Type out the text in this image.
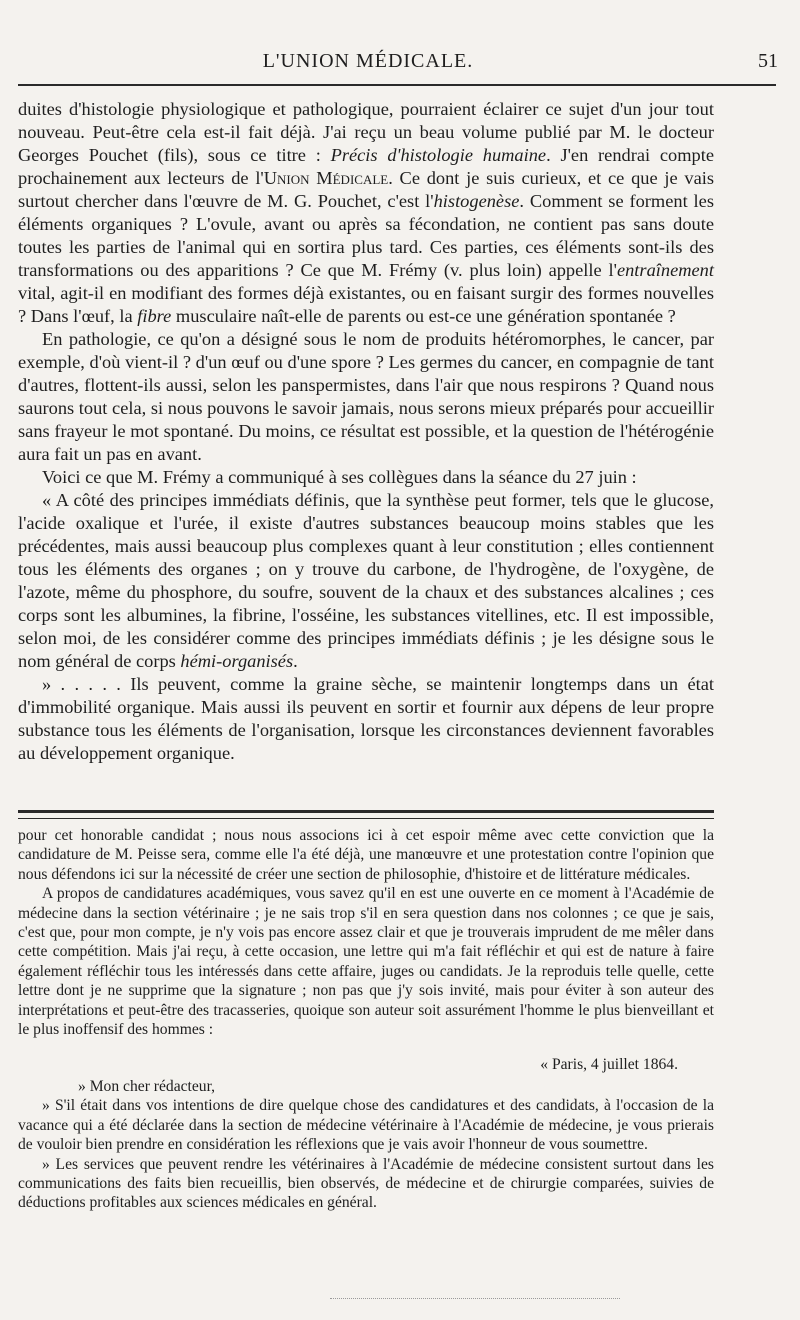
L'UNION MÉDICALE.	51

duites d'histologie physiologique et pathologique, pourraient éclairer ce sujet d'un jour tout nouveau. Peut-être cela est-il fait déjà. J'ai reçu un beau volume publié par M. le docteur Georges Pouchet (fils), sous ce titre : Précis d'histologie humaine. J'en rendrai compte prochainement aux lecteurs de l'Union Médicale. Ce dont je suis curieux, et ce que je vais surtout chercher dans l'œuvre de M. G. Pouchet, c'est l'histogenèse. Comment se forment les éléments organiques ? L'ovule, avant ou après sa fécondation, ne contient pas sans doute toutes les parties de l'animal qui en sortira plus tard. Ces parties, ces éléments sont-ils des transformations ou des apparitions ? Ce que M. Frémy (v. plus loin) appelle l'entraînement vital, agit-il en modifiant des formes déjà existantes, ou en faisant surgir des formes nouvelles ? Dans l'œuf, la fibre musculaire naît-elle de parents ou est-ce une génération spontanée ?

En pathologie, ce qu'on a désigné sous le nom de produits hétéromorphes, le cancer, par exemple, d'où vient-il ? d'un œuf ou d'une spore ? Les germes du cancer, en compagnie de tant d'autres, flottent-ils aussi, selon les panspermistes, dans l'air que nous respirons ? Quand nous saurons tout cela, si nous pouvons le savoir jamais, nous serons mieux préparés pour accueillir sans frayeur le mot spontané. Du moins, ce résultat est possible, et la question de l'hétérogénie aura fait un pas en avant.

Voici ce que M. Frémy a communiqué à ses collègues dans la séance du 27 juin :

« A côté des principes immédiats définis, que la synthèse peut former, tels que le glucose, l'acide oxalique et l'urée, il existe d'autres substances beaucoup moins stables que les précédentes, mais aussi beaucoup plus complexes quant à leur constitution ; elles contiennent tous les éléments des organes ; on y trouve du carbone, de l'hydrogène, de l'oxygène, de l'azote, même du phosphore, du soufre, souvent de la chaux et des substances alcalines ; ces corps sont les albumines, la fibrine, l'osséine, les substances vitellines, etc. Il est impossible, selon moi, de les considérer comme des principes immédiats définis ; je les désigne sous le nom général de corps hémi-organisés.

» . . . . . Ils peuvent, comme la graine sèche, se maintenir longtemps dans un état d'immobilité organique. Mais aussi ils peuvent en sortir et fournir aux dépens de leur propre substance tous les éléments de l'organisation, lorsque les circonstances deviennent favorables au développement organique.

pour cet honorable candidat ; nous nous associons ici à cet espoir même avec cette conviction que la candidature de M. Peisse sera, comme elle l'a été déjà, une manœuvre et une protestation contre l'opinion que nous défendons ici sur la nécessité de créer une section de philosophie, d'histoire et de littérature médicales.

A propos de candidatures académiques, vous savez qu'il en est une ouverte en ce moment à l'Académie de médecine dans la section vétérinaire ; je ne sais trop s'il en sera question dans nos colonnes ; ce que je sais, c'est que, pour mon compte, je n'y vois pas encore assez clair et que je trouverais imprudent de me mêler dans cette compétition. Mais j'ai reçu, à cette occasion, une lettre qui m'a fait réfléchir et qui est de nature à faire également réfléchir tous les intéressés dans cette affaire, juges ou candidats. Je la reproduis telle quelle, cette lettre dont je ne supprime que la signature ; non pas que j'y sois invité, mais pour éviter à son auteur des interprétations et peut-être des tracasseries, quoique son auteur soit assurément l'homme le plus bienveillant et le plus inoffensif des hommes :

« Paris, 4 juillet 1864.

» Mon cher rédacteur,

» S'il était dans vos intentions de dire quelque chose des candidatures et des candidats, à l'occasion de la vacance qui a été déclarée dans la section de médecine vétérinaire à l'Académie de médecine, je vous prierais de vouloir bien prendre en considération les réflexions que je vais avoir l'honneur de vous soumettre.

» Les services que peuvent rendre les vétérinaires à l'Académie de médecine consistent surtout dans les communications des faits bien recueillis, bien observés, de médecine et de chirurgie comparées, suivies de déductions profitables aux sciences médicales en général.
